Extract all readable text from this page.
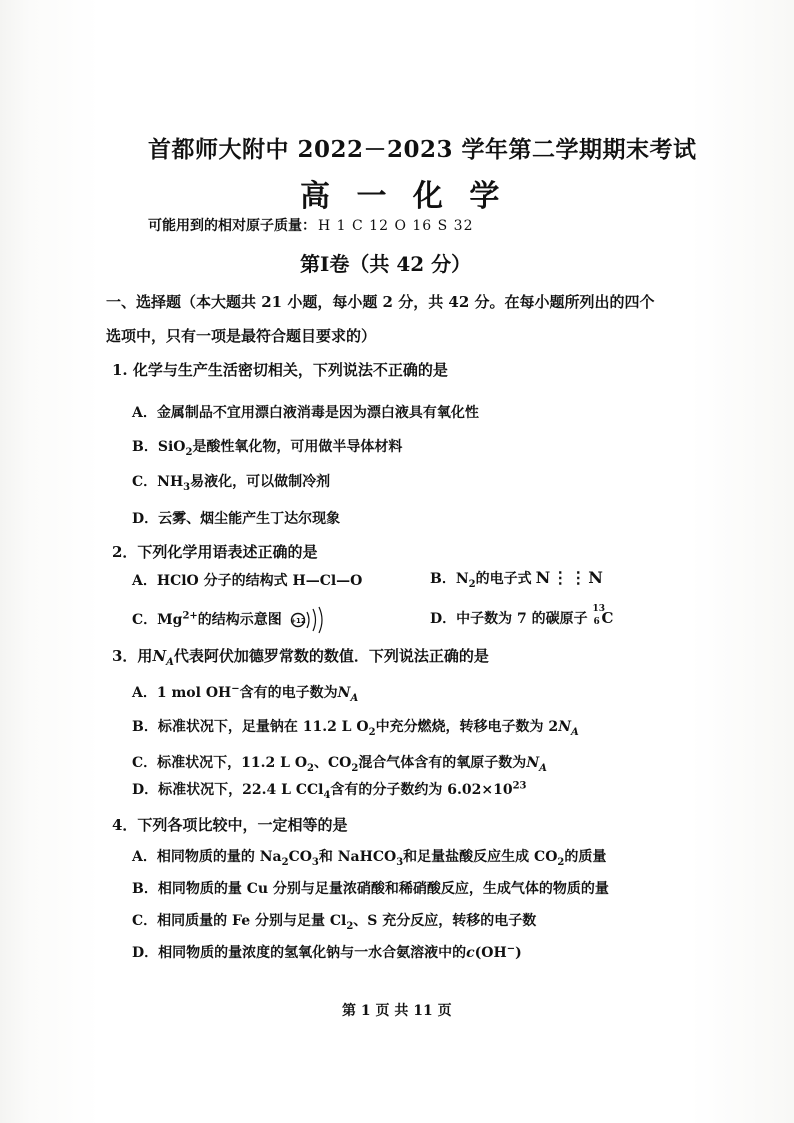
首都师大附中 2022－2023 学年第二学期期末考试
高 一 化 学
可能用到的相对原子质量： H 1 C 12 O 16 S 32
第Ⅰ卷（共 42 分）
一、选择题（本大题共 21 小题，每小题 2 分，共 42 分。在每小题所列出的四个
选项中，只有一项是最符合题目要求的）
1. 化学与生产生活密切相关，下列说法不正确的是
A．金属制品不宜用漂白液消毒是因为漂白液具有氧化性
B．SiO$_2$是酸性氧化物，可用做半导体材料
C．$NH_3$易液化，可以做制冷剂
D．云雾、烟尘能产生丁达尔现象
2．下列化学用语表述正确的是
A．HClO 分子的结构式 H—Cl—O	B．$N_2$的电子式 N⋮⋮N
C．$Mg^{2+}$的结构示意图 +12	D．中子数为 7 的碳原子
13
6 C
3．用$N_A$代表阿伏加德罗常数的数值．下列说法正确的是
A．1 mol OH−含有的电子数为$N_A$
B．标准状况下，足量钠在 11.2 L $O_2$中充分燃烧，转移电子数为 $2N_A$
C．标准状况下，11.2 L $O_2$、$CO_2$混合气体含有的氧原子数为$N_A$
D．标准状况下，22.4 L CCl$_4$含有的分子数约为 $6.02\times 10^{23}$
4．下列各项比较中，一定相等的是
A．相同物质的量的 $Na_2CO_3$和 NaHCO$_3$和足量盐酸反应生成 $CO_2$的质量
B．相同物质的量 Cu 分别与足量浓硝酸和稀硝酸反应，生成气体的物质的量
C．相同质量的 Fe 分别与足量 $Cl_2$、S 充分反应，转移的电子数
D．相同物质的量浓度的氢氧化钠与一水合氨溶液中的c(OH−)
第 1 页 共 11 页
